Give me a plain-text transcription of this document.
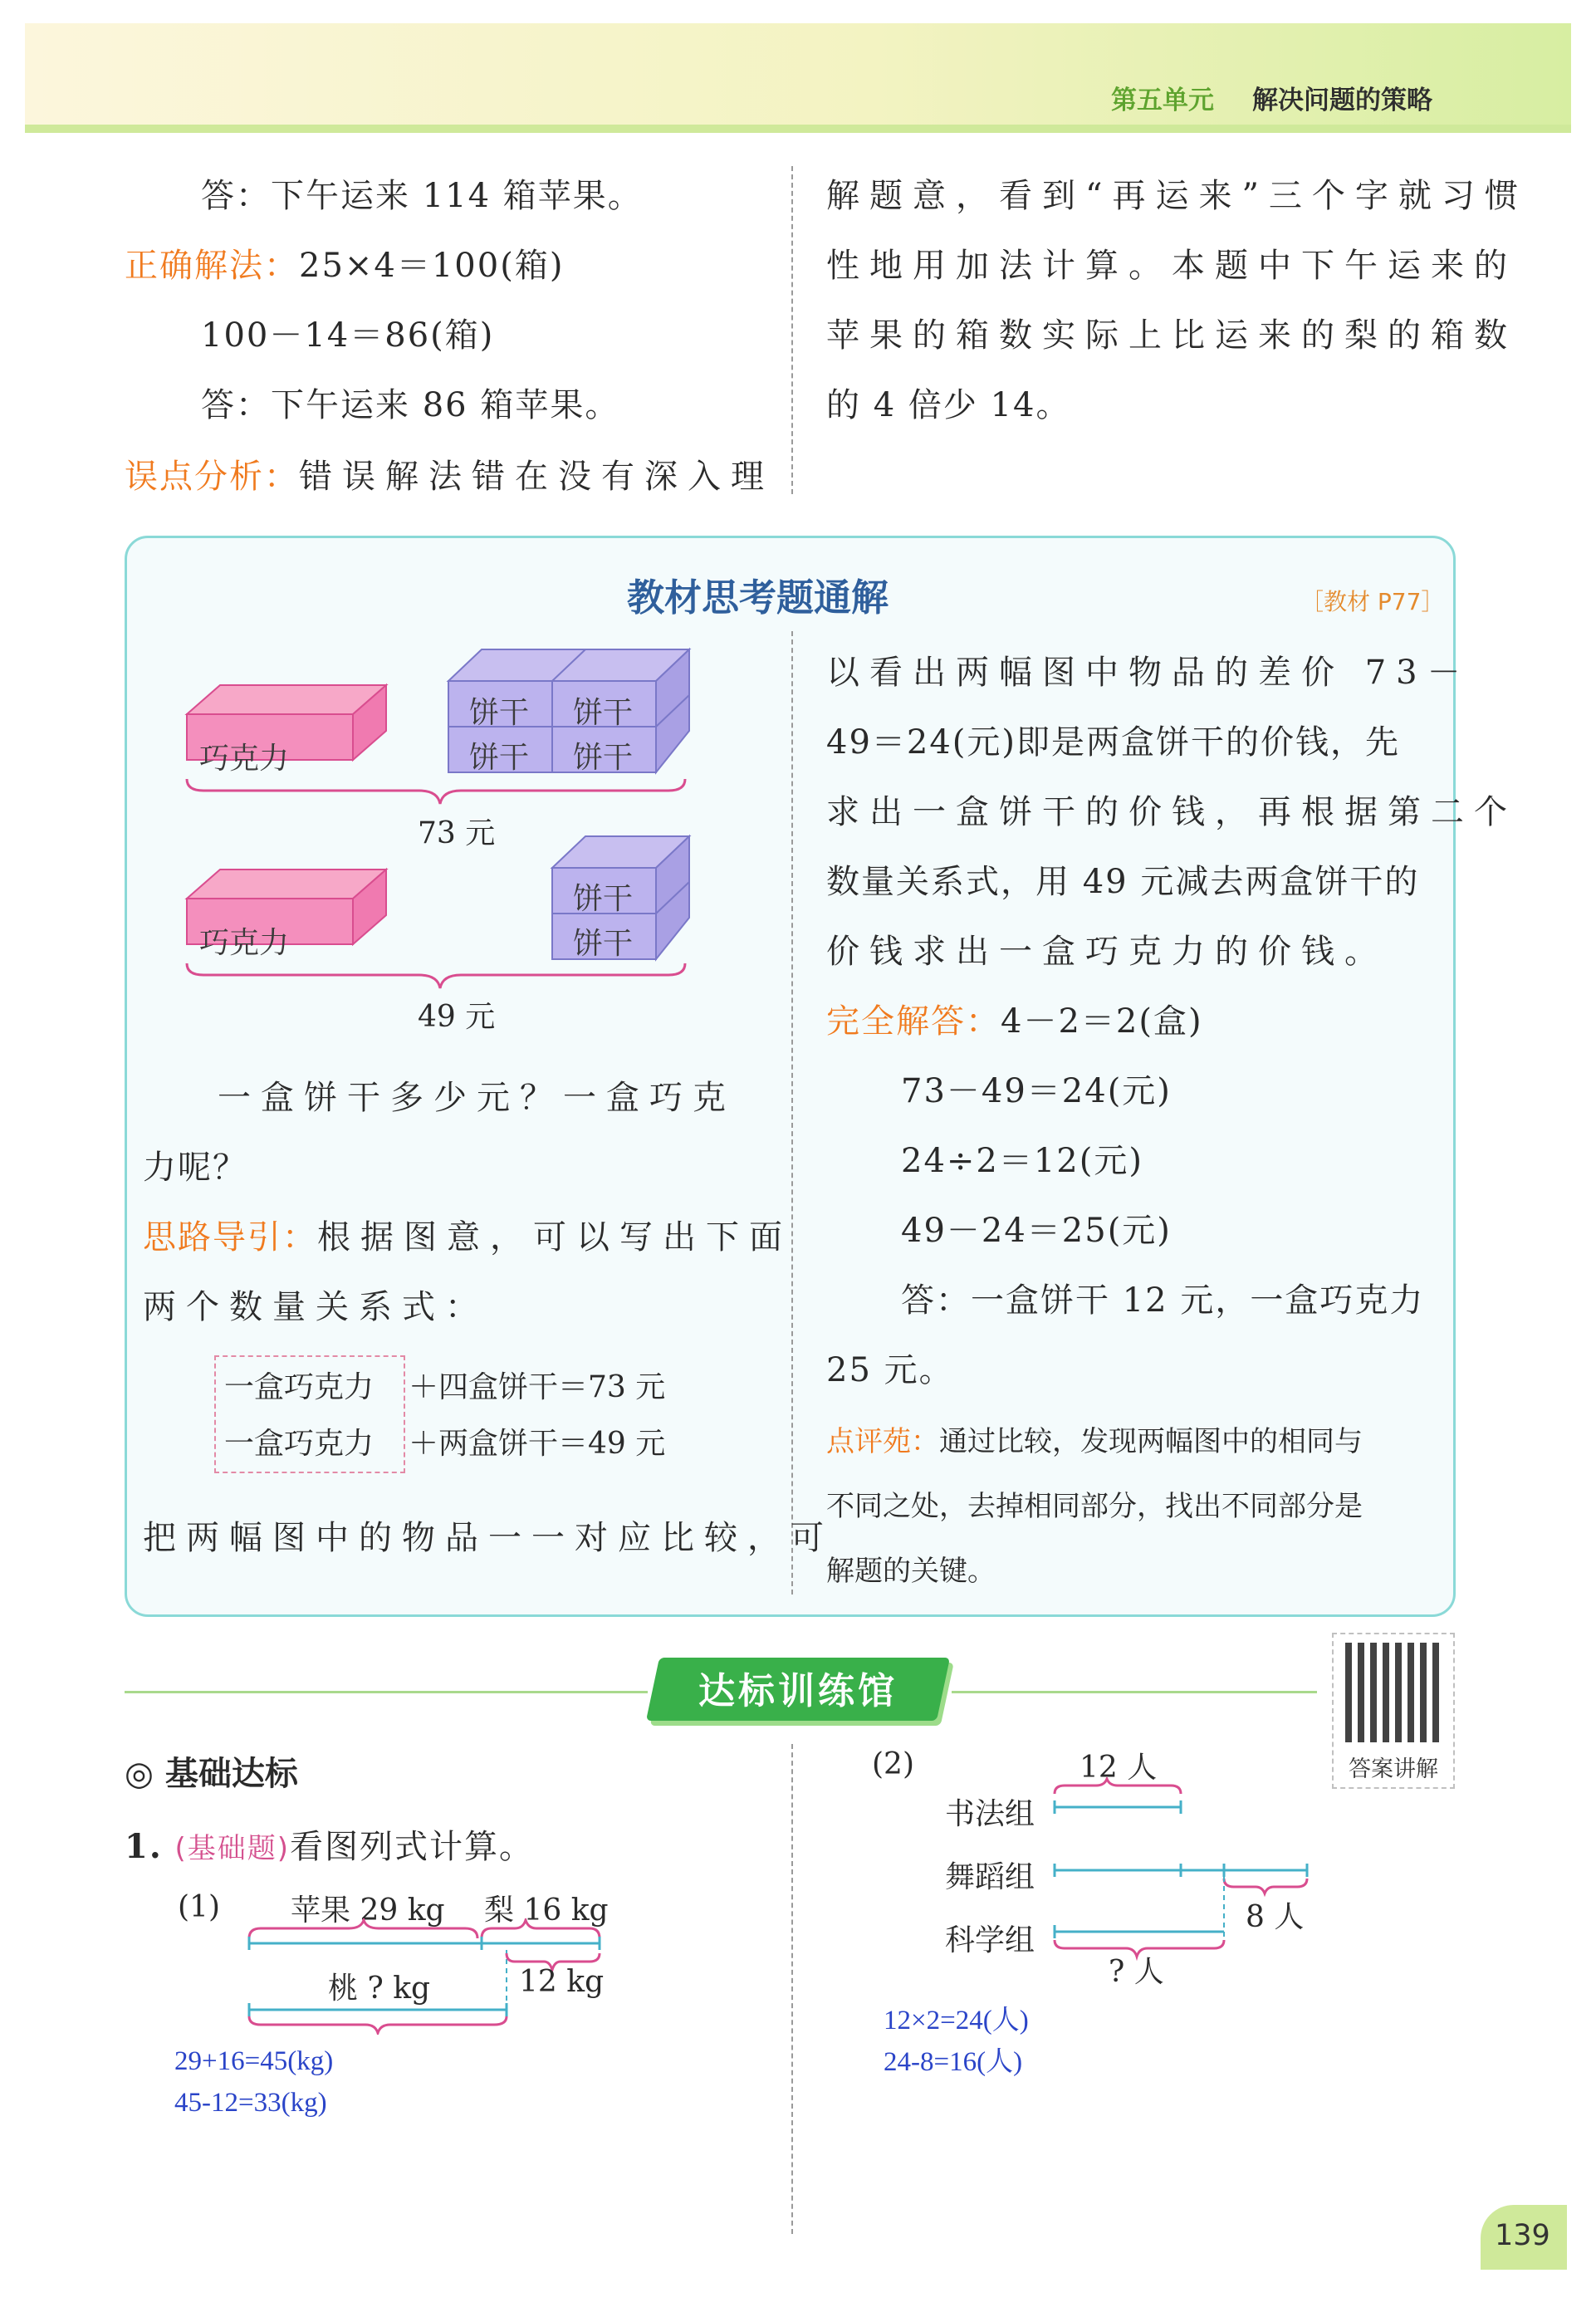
第五单元 解决问题的策略
答：下午运来 114 箱苹果。
正确解法：25×4＝100(箱)
100－14＝86(箱)
答：下午运来 86 箱苹果。
误点分析：错误解法错在没有深入理
解题意，看到“再运来”三个字就习惯
性地用加法计算。本题中下午运来的
苹果的箱数实际上比运来的梨的箱数
的 4 倍少 14。
教材思考题通解	［教材 P77］
巧克力
饼干 饼干
饼干 饼干
73 元
巧克力
饼干
饼干
49 元
一盒饼干多少元？一盒巧克
力呢？
思路导引：根据图意，可以写出下面
两个数量关系式：
一盒巧克力 ＋四盒饼干＝73 元
一盒巧克力 ＋两盒饼干＝49 元
把两幅图中的物品一一对应比较，可
以看出两幅图中物品的差价 73－
49＝24(元)即是两盒饼干的价钱，先
求出一盒饼干的价钱，再根据第二个
数量关系式，用 49 元减去两盒饼干的
价钱求出一盒巧克力的价钱。
完全解答：4－2＝2(盒)
73－49＝24(元)
24÷2＝12(元)
49－24＝25(元)
答：一盒饼干 12 元，一盒巧克力
25 元。
点评苑：通过比较，发现两幅图中的相同与
不同之处，去掉相同部分，找出不同部分是
解题的关键。
达标训练馆
答案讲解
◎ 基础达标
1. (基础题)看图列式计算。
(1) 苹果 29 kg 梨 16 kg
桃 ? kg	12 kg
29+16=45(kg)
45-12=33(kg)
(2)	12 人
书法组
舞蹈组
科学组
8 人
? 人
12×2=24(人)
24-8=16(人)
139
